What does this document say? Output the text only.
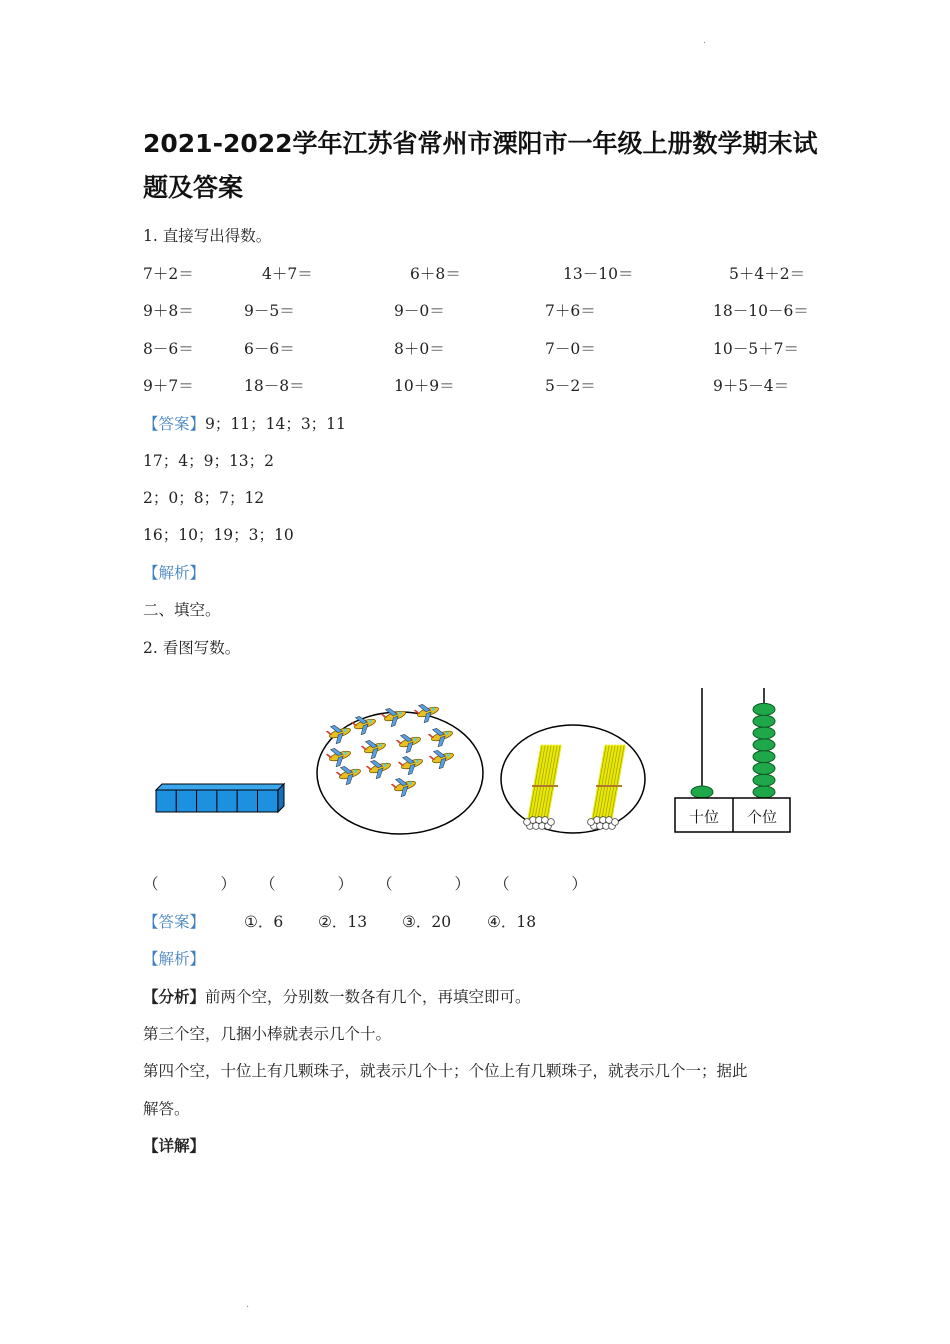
·
2021-2022学年江苏省常州市溧阳市一年级上册数学期末试题及答案
1. 直接写出得数。
7＋2＝	4＋7＝	6＋8＝	13－10＝	5＋4＋2＝
9＋8＝	9－5＝	9－0＝	7＋6＝	18－10－6＝
8－6＝	6－6＝	8＋0＝	7－0＝	10－5＋7＝
9＋7＝	18－8＝	10＋9＝	5－2＝	9＋5－4＝
【答案】9；11；14；3；11
17；4；9；13；2
2；0；8；7；12
16；10；19；3；10
【解析】
二、填空。
2. 看图写数。
十位 个位
（　　　　） （　　　　） （　　　　） （　　　　）
【答案】	①．6 ②．13 ③．20 ④．18
【解析】
【分析】前两个空，分别数一数各有几个，再填空即可。
第三个空，几捆小棒就表示几个十。
第四个空，十位上有几颗珠子，就表示几个十；个位上有几颗珠子，就表示几个一；据此
解答。
【详解】
·
